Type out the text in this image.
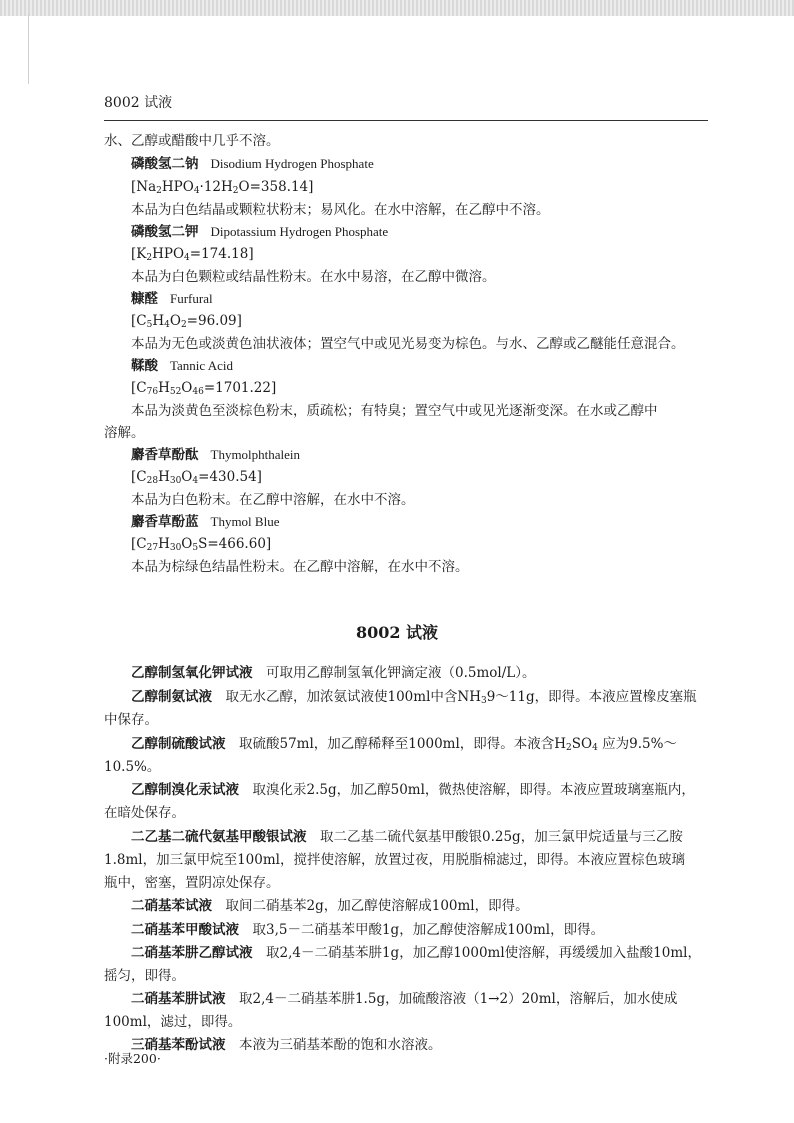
8002 试液
水、乙醇或醋酸中几乎不溶。
磷酸氢二钠 Disodium Hydrogen Phosphate
$[Na_2HPO_4\cdot 12H_2O=358.14]$
本品为白色结晶或颗粒状粉末；易风化。在水中溶解，在乙醇中不溶。
磷酸氢二钾 Dipotassium Hydrogen Phosphate
$[K_2HPO_4=174.18]$
本品为白色颗粒或结晶性粉末。在水中易溶，在乙醇中微溶。
糠醛 Furfural
$[C_5H_4O_2=96.09]$
本品为无色或淡黄色油状液体；置空气中或见光易变为棕色。与水、乙醇或乙醚能任意混合。
鞣酸 Tannic Acid
$[C_{76}H_{52}O_{46}=1701.22]$
本品为淡黄色至淡棕色粉末，质疏松；有特臭；置空气中或见光逐渐变深。在水或乙醇中
溶解。
麝香草酚酞 Thymolphthalein
$[C_{28}H_{30}O_4=430.54]$
本品为白色粉末。在乙醇中溶解，在水中不溶。
麝香草酚蓝 Thymol Blue
$[C_{27}H_{30}O_5S=466.60]$
本品为棕绿色结晶性粉末。在乙醇中溶解，在水中不溶。
8002 试液
乙醇制氢氧化钾试液　 可取用乙醇制氢氧化钾滴定液（0.5mol/L）。
乙醇制氨试液　 取无水乙醇，加浓氨试液使100ml中含$NH_39\sim 11g$，即得。本液应置橡皮塞瓶
中保存。
乙醇制硫酸试液　 取硫酸57ml，加乙醇稀释至1000ml，即得。本液含$H_2SO_4$ 应为9.5%～
10.5%。
乙醇制溴化汞试液　 取溴化汞2.5g，加乙醇50ml，微热使溶解，即得。本液应置玻璃塞瓶内，
在暗处保存。
二乙基二硫代氨基甲酸银试液　 取二乙基二硫代氨基甲酸银0.25g，加三氯甲烷适量与三乙胺
1.8ml，加三氯甲烷至100ml，搅拌使溶解，放置过夜，用脱脂棉滤过，即得。本液应置棕色玻璃
瓶中，密塞，置阴凉处保存。
二硝基苯试液　 取间二硝基苯2g，加乙醇使溶解成100ml，即得。
二硝基苯甲酸试液　 取3,5－二硝基苯甲酸1g，加乙醇使溶解成100ml，即得。
二硝基苯肼乙醇试液　 取2,4－二硝基苯肼1g，加乙醇1000ml使溶解，再缓缓加入盐酸10ml，
摇匀，即得。
二硝基苯肼试液　 取2,4－二硝基苯肼1.5g，加硫酸溶液（1→2）20ml，溶解后，加水使成
100ml，滤过，即得。
三硝基苯酚试液　 本液为三硝基苯酚的饱和水溶液。
·附录200·
